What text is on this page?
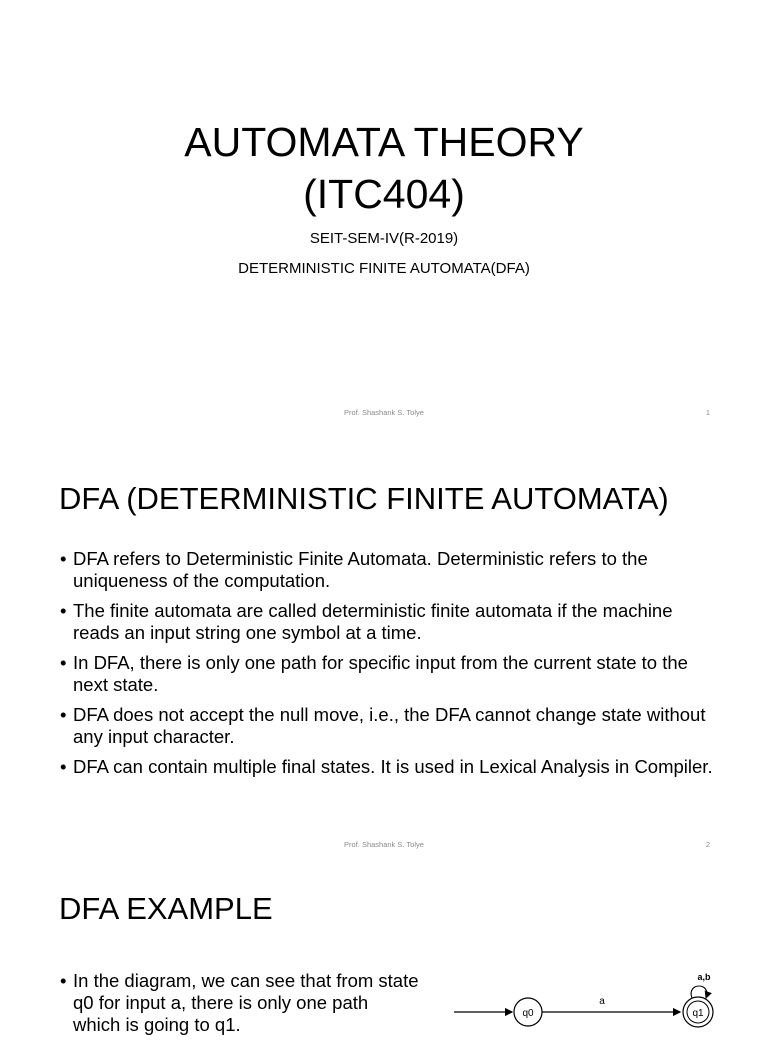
AUTOMATA THEORY
(ITC404)
SEIT-SEM-IV(R-2019)
DETERMINISTIC FINITE AUTOMATA(DFA)
Prof. Shashank S. Tolye	1
DFA (DETERMINISTIC FINITE AUTOMATA)
• DFA refers to Deterministic Finite Automata. Deterministic refers to the uniqueness of the computation.
• The finite automata are called deterministic finite automata if the machine reads an input string one symbol at a time.
• In DFA, there is only one path for specific input from the current state to the next state.
• DFA does not accept the null move, i.e., the DFA cannot change state without any input character.
• DFA can contain multiple final states. It is used in Lexical Analysis in Compiler.
Prof. Shashank S. Tolye	2
DFA EXAMPLE
• In the diagram, we can see that from state q0 for input a, there is only one path which is going to q1.
q0
a
q1
a,b
